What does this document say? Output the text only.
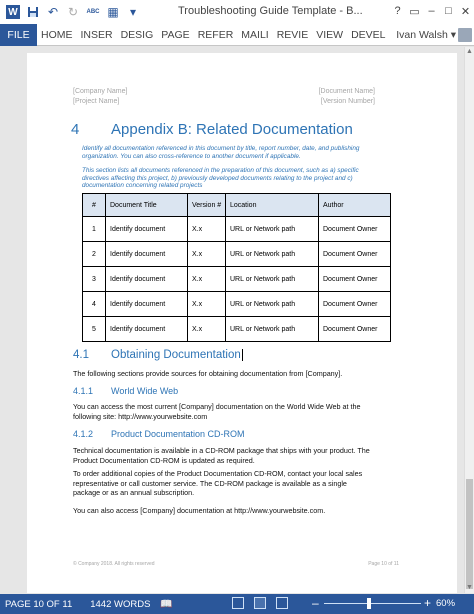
W	↶ ↻	ABC ▦ ▾	Troubleshooting Guide Template - B...	? ▭ – □ ✕
FILE	HOME INSER DESIG PAGE REFER MAILI REVIE VIEW DEVEL	Ivan Walsh ▾
[Company Name]
[Project Name]
[Document Name]
[Version Number]
4 Appendix B: Related Documentation
Identify all documentation referenced in this document by title, report number, date, and publishing organization. You can also cross-reference to another document if applicable.
This section lists all documents referenced in the preparation of this document, such as a) specific directives affecting this project, b) previously developed documents relating to the project and c) documentation concerning related projects
#	Document Title	Version #	Location	Author
1	Identify document	X.x	URL or Network path	Document Owner
2	Identify document	X.x	URL or Network path	Document Owner
3	Identify document	X.x	URL or Network path	Document Owner
4	Identify document	X.x	URL or Network path	Document Owner
5	Identify document	X.x	URL or Network path	Document Owner
4.1 Obtaining Documentation
The following sections provide sources for obtaining documentation from [Company].
4.1.1 World Wide Web
You can access the most current [Company] documentation on the World Wide Web at the following site: http://www.yourwebsite.com
4.1.2 Product Documentation CD-ROM
Technical documentation is available in a CD-ROM package that ships with your product. The Product Documentation CD-ROM is updated as required.
To order additional copies of the Product Documentation CD-ROM, contact your local sales representative or call customer service. The CD-ROM package is available as a single package or as an annual subscription.
You can also access [Company] documentation at http://www.yourwebsite.com.
© Company 2018. All rights reserved	Page 10 of 11
▲
▼
PAGE 10 OF 11	1442 WORDS	📖	–	+ 60%
